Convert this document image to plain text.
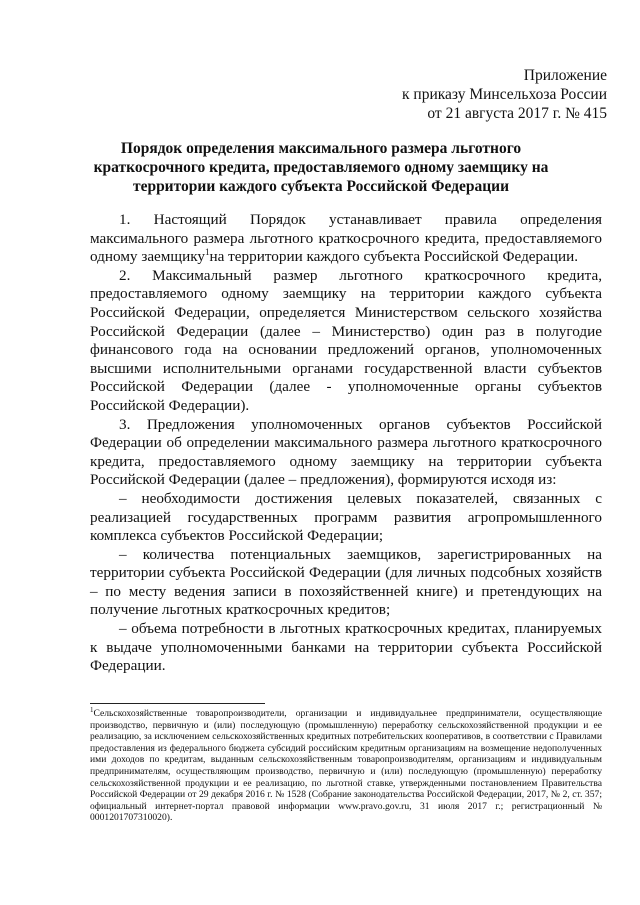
Приложение
к приказу Минсельхоза России
от 21 августа 2017 г. № 415
Порядок определения максимального размера льготного краткосрочного кредита, предоставляемого одному заемщику на территории каждого субъекта Российской Федерации

1. Настоящий Порядок устанавливает правила определения максимального размера льготного краткосрочного кредита, предоставляемого одному заемщику$^1$на территории каждого субъекта Российской Федерации.

2. Максимальный размер льготного краткосрочного кредита, предоставляемого одному заемщику на территории каждого субъекта Российской Федерации, определяется Министерством сельского хозяйства Российской Федерации (далее – Министерство) один раз в полугодие финансового года на основании предложений органов, уполномоченных высшими исполнительными органами государственной власти субъектов Российской Федерации (далее - уполномоченные органы субъектов Российской Федерации).

3. Предложения уполномоченных органов субъектов Российской Федерации об определении максимального размера льготного краткосрочного кредита, предоставляемого одному заемщику на территории субъекта Российской Федерации (далее – предложения), формируются исходя из:

– необходимости достижения целевых показателей, связанных с реализацией государственных программ развития агропромышленного комплекса субъектов Российской Федерации;

– количества потенциальных заемщиков, зарегистрированных на территории субъекта Российской Федерации (для личных подсобных хозяйств – по месту ведения записи в похозяйственней книге) и претендующих на получение льготных краткосрочных кредитов;

– объема потребности в льготных краткосрочных кредитах, планируемых к выдаче уполномоченными банками на территории субъекта Российской Федерации.

$^1$Сельскохозяйственные товаропроизводители, организации и индивидуальнее предприниматели, осуществляющие производство, первичную и (или) последующую (промышленную) переработку сельскохозяйственной продукции и ее реализацию, за исключением сельскохозяйственных кредитных потребительских кооперативов, в соответствии с Правилами предоставления из федерального бюджета субсидий российским кредитным организациям на возмещение недополученных ими доходов по кредитам, выданным сельскохозяйственным товаропроизводителям, организациям и индивидуальным предпринимателям, осуществляющим производство, первичную и (или) последующую (промышленную) переработку сельскохозяйственной продукции и ее реализацию, по льготной ставке, утвержденными постановлением Правительства Российской Федерации от 29 декабря 2016 г. № 1528 (Собрание законодательства Российской Федерации, 2017, № 2, ст. 357; официальный интернет-портал правовой информации www.pravo.gov.ru, 31 июля 2017 г.; регистрационный № 0001201707310020).
